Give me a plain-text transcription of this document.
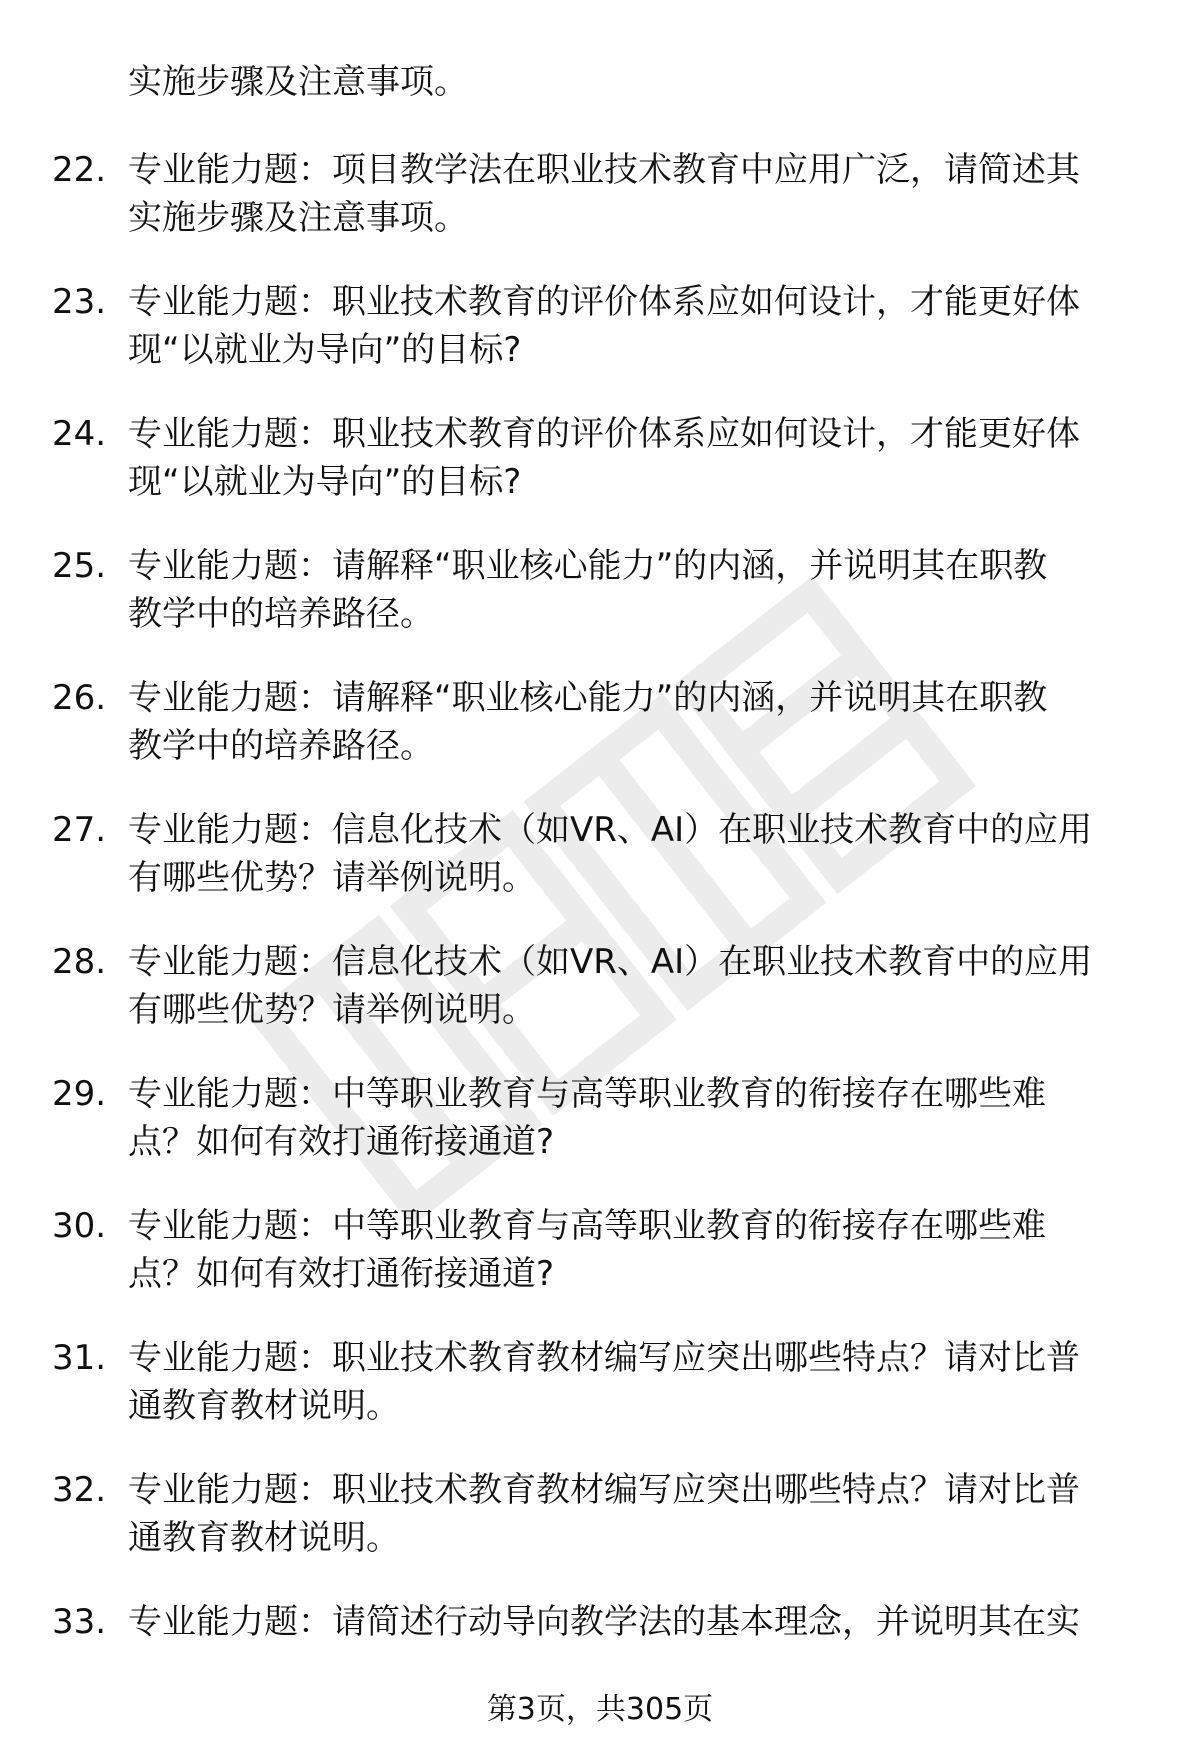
实施步骤及注意事项。
22. 专业能力题：项目教学法在职业技术教育中应用广泛，请简述其
实施步骤及注意事项。
23. 专业能力题：职业技术教育的评价体系应如何设计，才能更好体
现“以就业为导向”的目标?
24. 专业能力题：职业技术教育的评价体系应如何设计，才能更好体
现“以就业为导向”的目标?
25. 专业能力题：请解释“职业核心能力”的内涵，并说明其在职教
教学中的培养路径。
26. 专业能力题：请解释“职业核心能力”的内涵，并说明其在职教
教学中的培养路径。
27. 专业能力题：信息化技术（如VR、AI）在职业技术教育中的应用
有哪些优势？请举例说明。
28. 专业能力题：信息化技术（如VR、AI）在职业技术教育中的应用
有哪些优势？请举例说明。
29. 专业能力题：中等职业教育与高等职业教育的衔接存在哪些难
点？如何有效打通衔接通道?
30. 专业能力题：中等职业教育与高等职业教育的衔接存在哪些难
点？如何有效打通衔接通道?
31. 专业能力题：职业技术教育教材编写应突出哪些特点？请对比普
通教育教材说明。
32. 专业能力题：职业技术教育教材编写应突出哪些特点？请对比普
通教育教材说明。
33. 专业能力题：请简述行动导向教学法的基本理念，并说明其在实
第3页，共305页
